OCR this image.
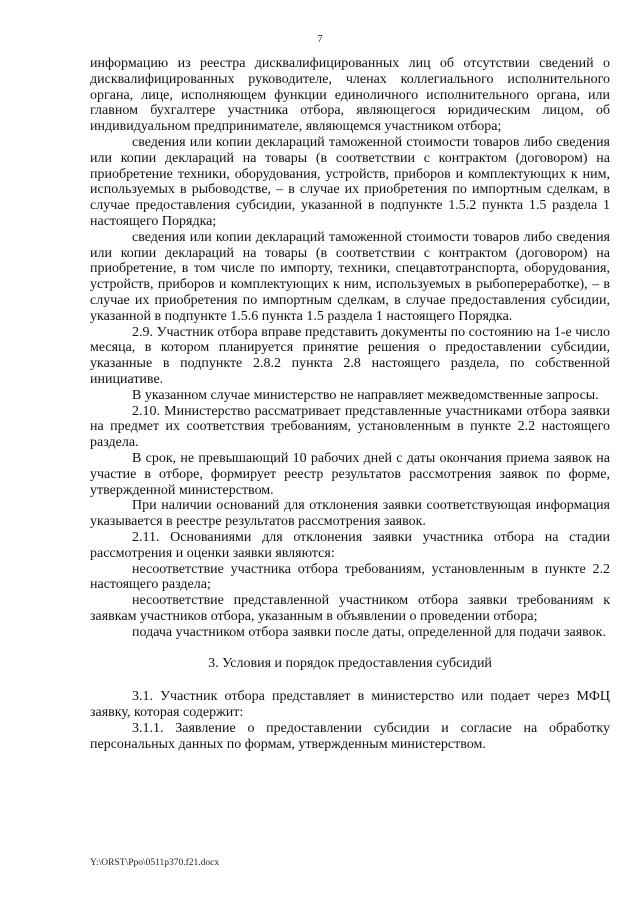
7

информацию из реестра дисквалифицированных лиц об отсутствии сведений о дисквалифицированных руководителе, членах коллегиального исполнительного органа, лице, исполняющем функции единоличного исполнительного органа, или главном бухгалтере участника отбора, являющегося юридическим лицом, об индивидуальном предпринимателе, являющемся участником отбора;

сведения или копии деклараций таможенной стоимости товаров либо сведения или копии деклараций на товары (в соответствии с контрактом (договором) на приобретение техники, оборудования, устройств, приборов и комплектующих к ним, используемых в рыбоводстве, – в случае их приобретения по импортным сделкам, в случае предоставления субсидии, указанной в подпункте 1.5.2 пункта 1.5 раздела 1 настоящего Порядка;

сведения или копии деклараций таможенной стоимости товаров либо сведения или копии деклараций на товары (в соответствии с контрактом (договором) на приобретение, в том числе по импорту, техники, спецавтотранспорта, оборудования, устройств, приборов и комплектующих к ним, используемых в рыбопереработке), – в случае их приобретения по импортным сделкам, в случае предоставления субсидии, указанной в подпункте 1.5.6 пункта 1.5 раздела 1 настоящего Порядка.

2.9. Участник отбора вправе представить документы по состоянию на 1-е число месяца, в котором планируется принятие решения о предоставлении субсидии, указанные в подпункте 2.8.2 пункта 2.8 настоящего раздела, по собственной инициативе.

В указанном случае министерство не направляет межведомственные запросы.

2.10. Министерство рассматривает представленные участниками отбора заявки на предмет их соответствия требованиям, установленным в пункте 2.2 настоящего раздела.

В срок, не превышающий 10 рабочих дней с даты окончания приема заявок на участие в отборе, формирует реестр результатов рассмотрения заявок по форме, утвержденной министерством.

При наличии оснований для отклонения заявки соответствующая информация указывается в реестре результатов рассмотрения заявок.

2.11. Основаниями для отклонения заявки участника отбора на стадии рассмотрения и оценки заявки являются:

несоответствие участника отбора требованиям, установленным в пункте 2.2 настоящего раздела;

несоответствие представленной участником отбора заявки требованиям к заявкам участников отбора, указанным в объявлении о проведении отбора;

подача участником отбора заявки после даты, определенной для подачи заявок.

3. Условия и порядок предоставления субсидий

3.1. Участник отбора представляет в министерство или подает через МФЦ заявку, которая содержит:

3.1.1. Заявление о предоставлении субсидии и согласие на обработку персональных данных по формам, утвержденным министерством.

Y:\ORST\Ppo\0511p370.f21.docx
